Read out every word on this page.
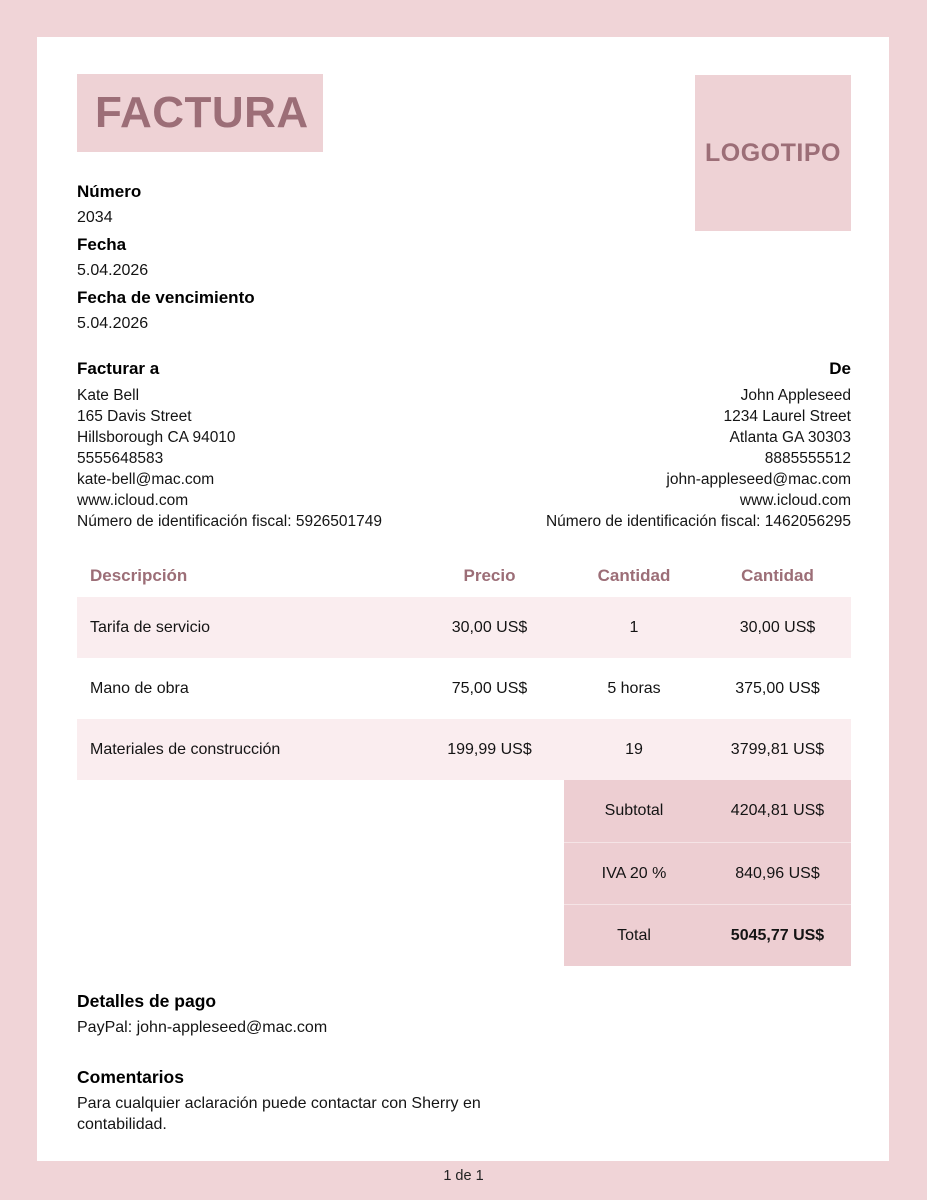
FACTURA
LOGOTIPO
Número
2034
Fecha
5.04.2026
Fecha de vencimiento
5.04.2026
Facturar a
Kate Bell
165 Davis Street
Hillsborough CA 94010
5555648583
kate-bell@mac.com
www.icloud.com
Número de identificación fiscal: 5926501749
De
John Appleseed
1234 Laurel Street
Atlanta GA 30303
8885555512
john-appleseed@mac.com
www.icloud.com
Número de identificación fiscal: 1462056295
Descripción	Precio	Cantidad	Cantidad
Tarifa de servicio	30,00 US$	1	30,00 US$
Mano de obra	75,00 US$	5 horas	375,00 US$
Materiales de construcción	199,99 US$	19	3799,81 US$
Subtotal	4204,81 US$
IVA 20 %	840,96 US$
Total	5045,77 US$
Detalles de pago
PayPal: john-appleseed@mac.com
Comentarios
Para cualquier aclaración puede contactar con Sherry en contabilidad.
1 de 1
